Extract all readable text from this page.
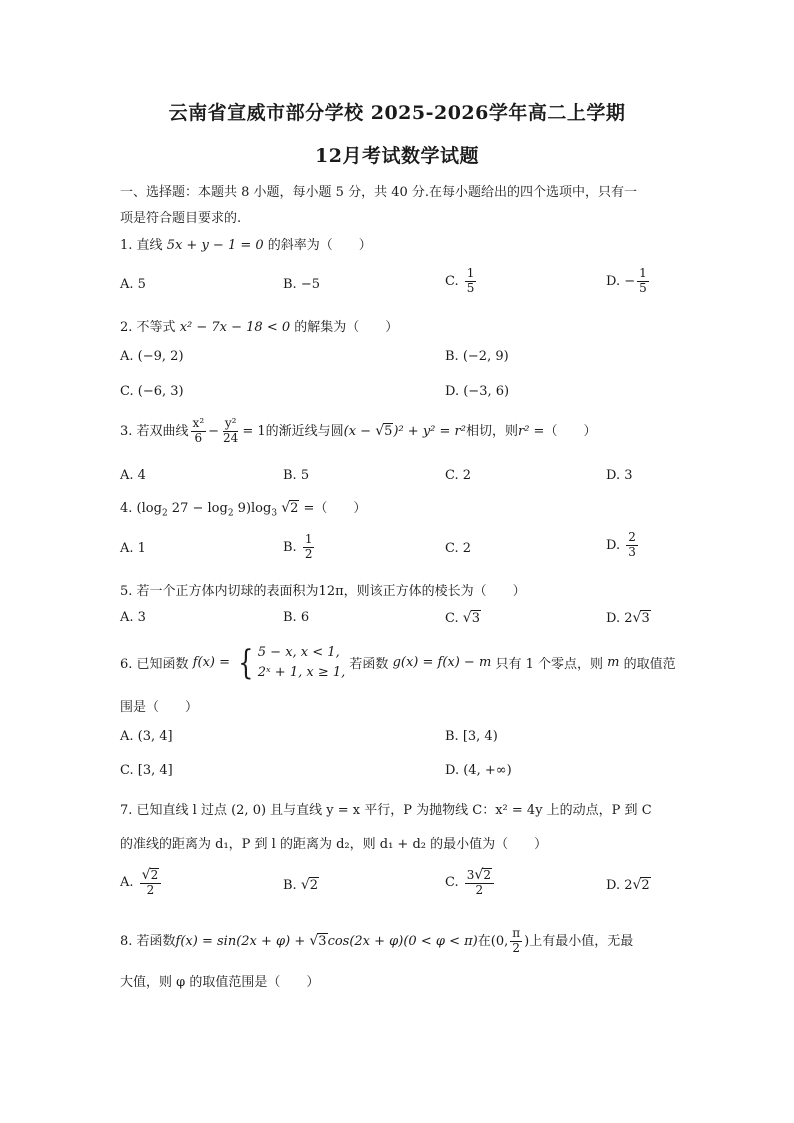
云南省宣威市部分学校 2025-2026学年高二上学期
12月考试数学试题
一、选择题：本题共 8 小题，每小题 5 分，共 40 分.在每小题给出的四个选项中，只有一
项是符合题目要求的.
1. 直线 5x + y − 1 = 0 的斜率为（　　）
A. 5	B. −5	C. $\frac{1}{5}$	D. − $\frac{1}{5}$
2. 不等式 x² − 7x − 18 < 0 的解集为（　　）
A. (−9, 2)	B. (−2, 9)
C. (−6, 3)	D. (−3, 6)
3. 若双曲线 $\frac{\text{x²}}{6} - \frac{\text{y²}}{24} = 1$的渐近线与圆(x − √5)² + y² = r²相切，则r² =（　　）
A. 4	B. 5	C. 2	D. 3
4. ($\log_2$ $27 - \log_2 9)\log_3$ √2 =（　　）
A. 1	B. $\frac{1}{2}$	C. 2	D. $\frac{2}{3}$
5. 若一个正方体内切球的表面积为12π，则该正方体的棱长为（　　）
A. 3	B. 6	C. √3	D. 2√3
6. 已知函数 f(x) = { 5 − x, x < 1,
2ˣ + 1, x ≥ 1, 若函数 g(x) = f(x) − m 只有 1 个零点，则 m 的取值范
围是（　　）
A. (3, 4]	B. [3, 4)
C. [3, 4]	D. (4, +∞)
7. 已知直线 l 过点 (2, 0) 且与直线 y = x 平行，P 为抛物线 C：x² = 4y 上的动点，P 到 C
的准线的距离为 d₁，P 到 l 的距离为 d₂，则 d₁ + d₂ 的最小值为（　　）
A. $\frac{√2}{2}$	B. √2	C. $\frac{3√2}{2}$	D. 2√2
8. 若函数f(x) = sin(2x + φ) + √3cos(2x + φ)(0 < φ < π)在(0, $\frac{\pi}{2}$ )上有最小值，无最
大值，则 φ 的取值范围是（　　）
